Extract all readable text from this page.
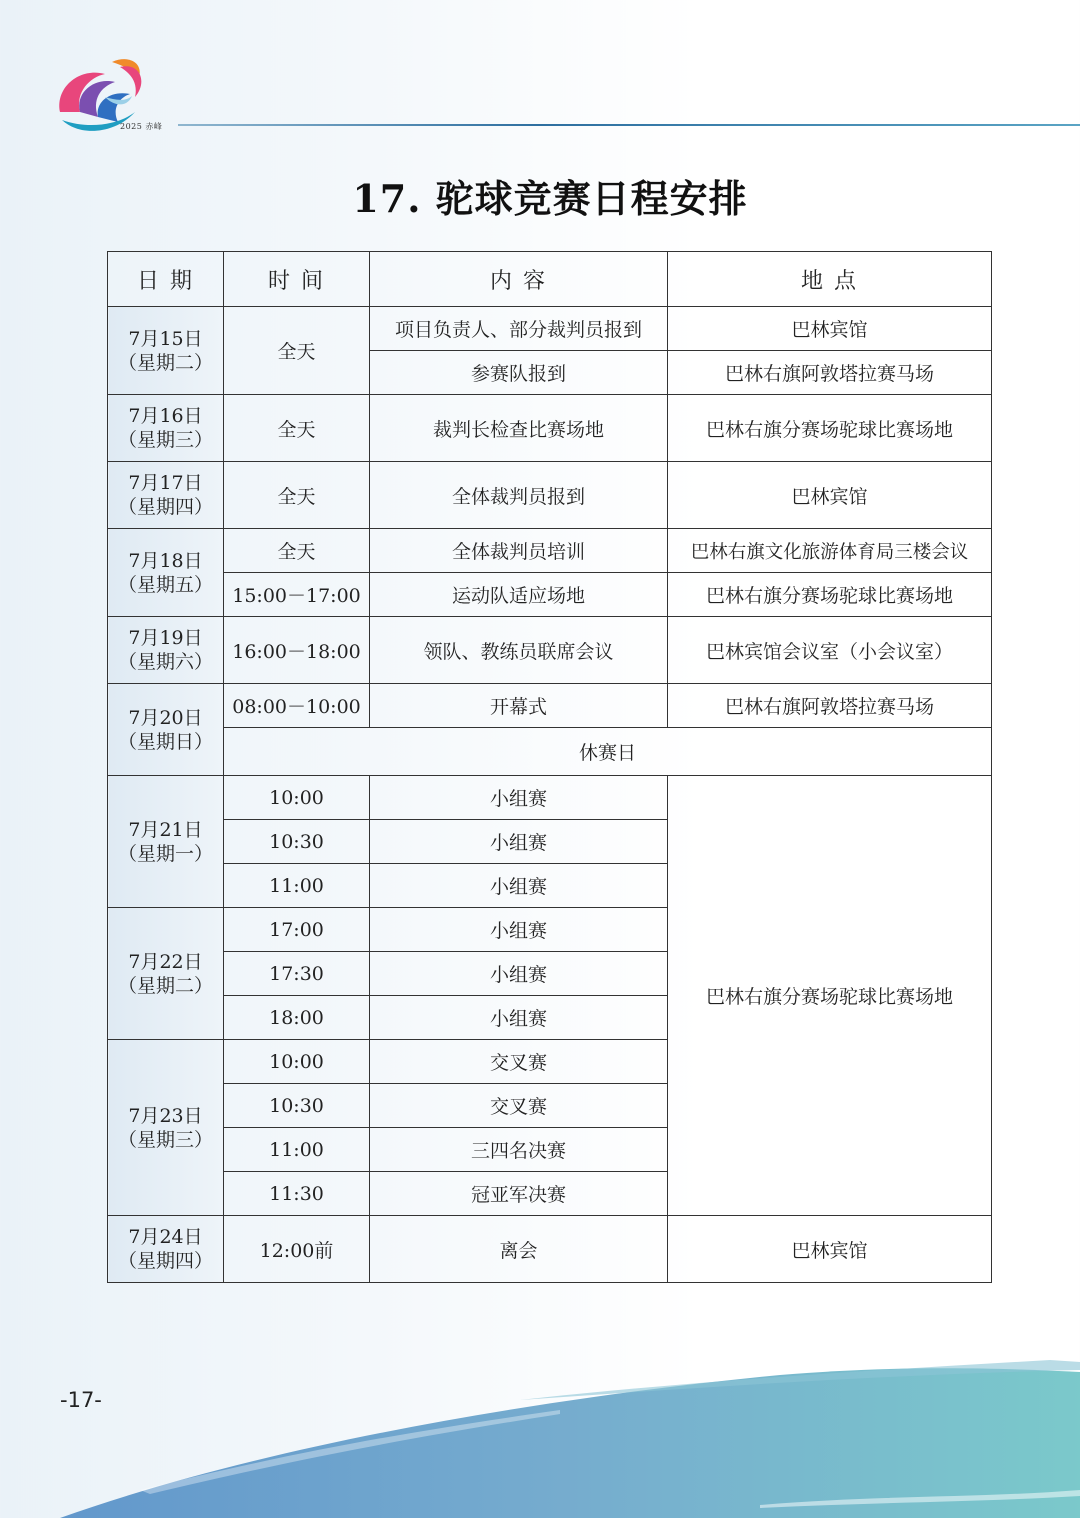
2025 赤峰
17. 驼球竞赛日程安排
日 期	时 间	内 容	地 点

7月15日
（星期二）	全天	项目负责人、部分裁判员报到	巴林宾馆
		参赛队报到	巴林右旗阿敦塔拉赛马场

7月16日
（星期三）	全天	裁判长检查比赛场地	巴林右旗分赛场驼球比赛场地

7月17日
（星期四）	全天	全体裁判员报到	巴林宾馆

7月18日
（星期五）	全天	全体裁判员培训	巴林右旗文化旅游体育局三楼会议
	15:00－17:00	运动队适应场地	巴林右旗分赛场驼球比赛场地

7月19日
（星期六）	16:00－18:00	领队、教练员联席会议	巴林宾馆会议室（小会议室）

7月20日
（星期日）	08:00－10:00	开幕式	巴林右旗阿敦塔拉赛马场
	休赛日		

7月21日
（星期一）	10:00	小组赛	巴林右旗分赛场驼球比赛场地
	10:30	小组赛	
	11:00	小组赛	

7月22日
（星期二）	17:00	小组赛	
	17:30	小组赛	
	18:00	小组赛	

7月23日
（星期三）	10:00	交叉赛	
	10:30	交叉赛	
	11:00	三四名决赛	
	11:30	冠亚军决赛	

7月24日
（星期四）	12:00前	离会	巴林宾馆
-17-
